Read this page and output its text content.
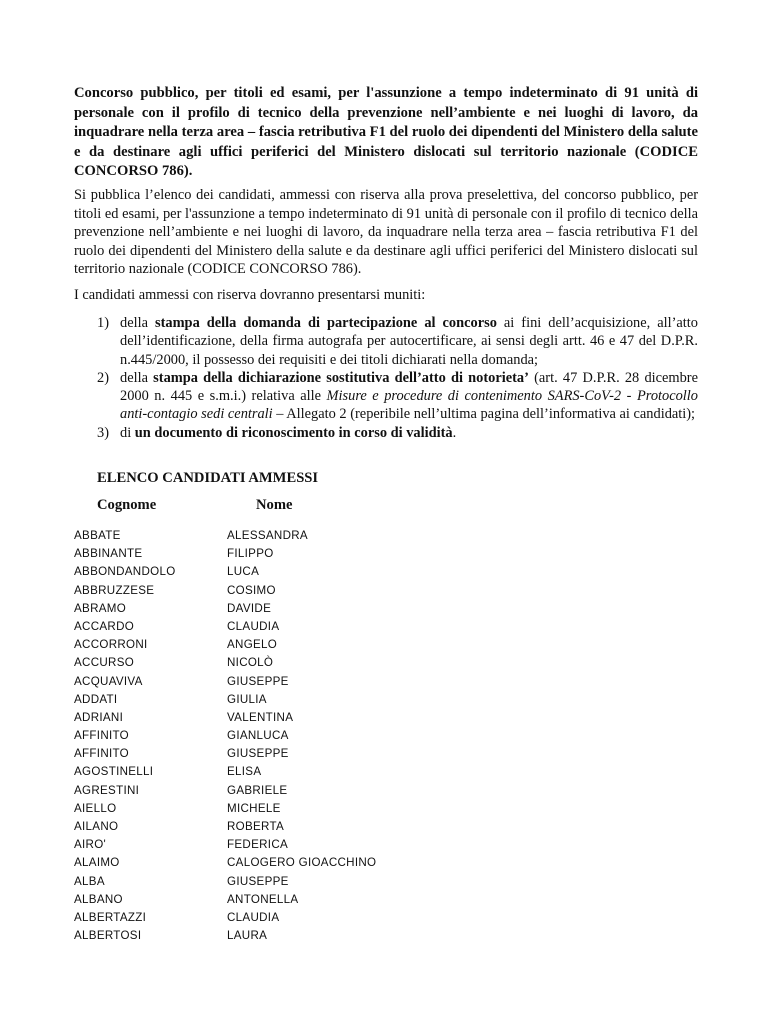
Concorso pubblico, per titoli ed esami, per l'assunzione a tempo indeterminato di 91 unità di personale con il profilo di tecnico della prevenzione nell’ambiente e nei luoghi di lavoro, da inquadrare nella terza area – fascia retributiva F1 del ruolo dei dipendenti del Ministero della salute e da destinare agli uffici periferici del Ministero dislocati sul territorio nazionale (CODICE CONCORSO 786).

Si pubblica l’elenco dei candidati, ammessi con riserva alla prova preselettiva, del concorso pubblico, per titoli ed esami, per l'assunzione a tempo indeterminato di 91 unità di personale con il profilo di tecnico della prevenzione nell’ambiente e nei luoghi di lavoro, da inquadrare nella terza area – fascia retributiva F1 del ruolo dei dipendenti del Ministero della salute e da destinare agli uffici periferici del Ministero dislocati sul territorio nazionale (CODICE CONCORSO 786).

I candidati ammessi con riserva dovranno presentarsi muniti:

1) della stampa della domanda di partecipazione al concorso ai fini dell’acquisizione, all’atto dell’identificazione, della firma autografa per autocertificare, ai sensi degli artt. 46 e 47 del D.P.R. n.445/2000, il possesso dei requisiti e dei titoli dichiarati nella domanda;
2) della stampa della dichiarazione sostitutiva dell’atto di notorieta’ (art. 47 D.P.R. 28 dicembre 2000 n. 445 e s.m.i.) relativa alle Misure e procedure di contenimento SARS-CoV-2 - Protocollo anti-contagio sedi centrali – Allegato 2 (reperibile nell’ultima pagina dell’informativa ai candidati);
3) di un documento di riconoscimento in corso di validità.

ELENCO CANDIDATI AMMESSI

Cognome	Nome

ABBATE	ALESSANDRA
ABBINANTE	FILIPPO
ABBONDANDOLO	LUCA
ABBRUZZESE	COSIMO
ABRAMO	DAVIDE
ACCARDO	CLAUDIA
ACCORRONI	ANGELO
ACCURSO	NICOLÒ
ACQUAVIVA	GIUSEPPE
ADDATI	GIULIA
ADRIANI	VALENTINA
AFFINITO	GIANLUCA
AFFINITO	GIUSEPPE
AGOSTINELLI	ELISA
AGRESTINI	GABRIELE
AIELLO	MICHELE
AILANO	ROBERTA
AIRO'	FEDERICA
ALAIMO	CALOGERO GIOACCHINO
ALBA	GIUSEPPE
ALBANO	ANTONELLA
ALBERTAZZI	CLAUDIA
ALBERTOSI	LAURA
